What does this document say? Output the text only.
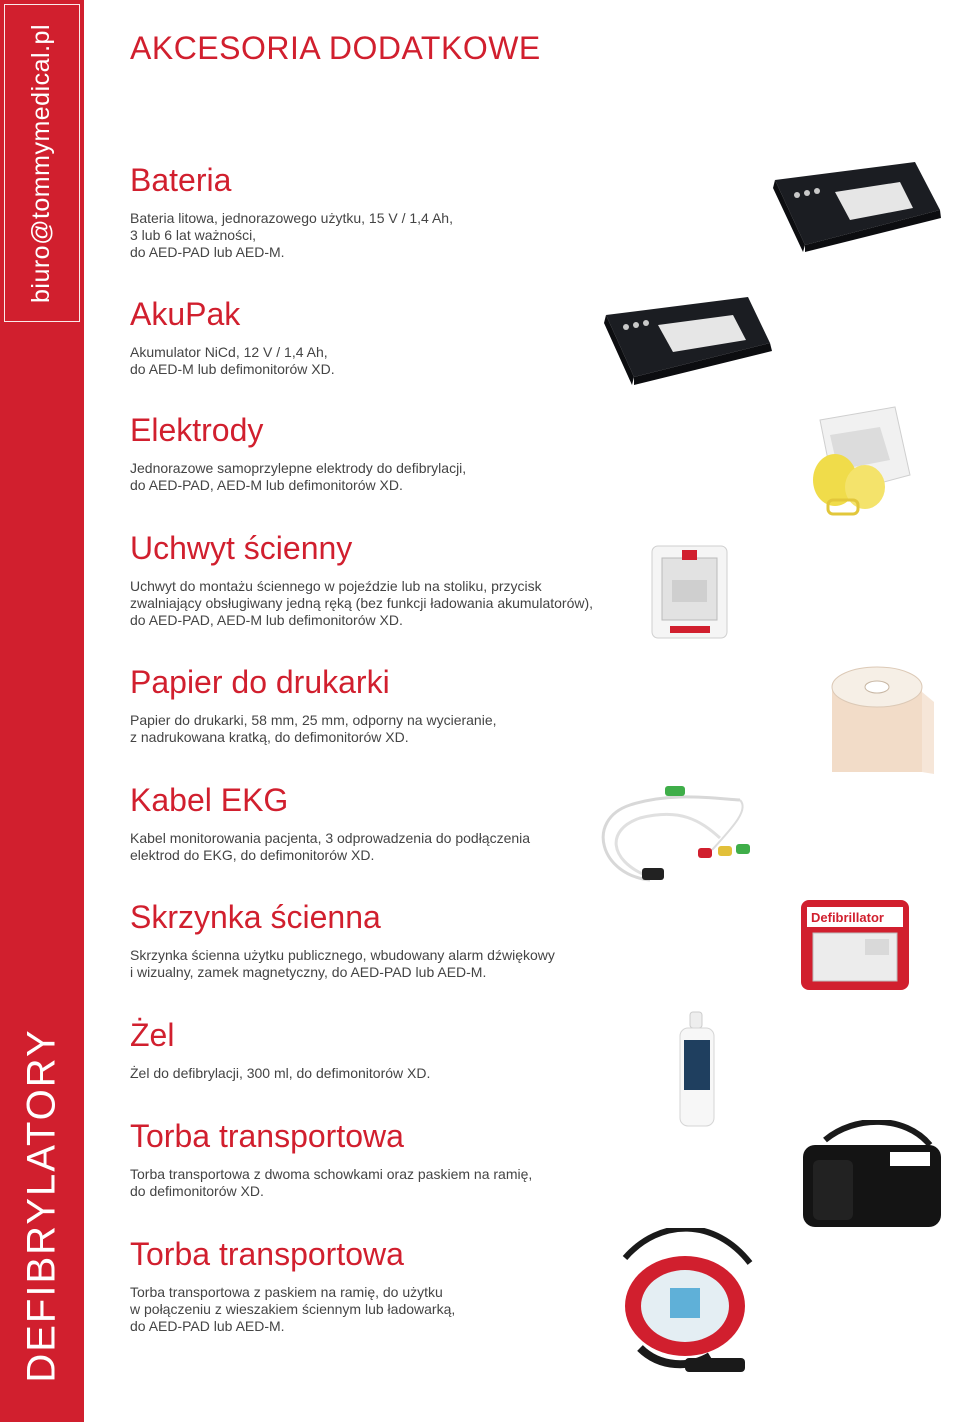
biuro@tommymedical.pl
DEFIBRYLATORY
AKCESORIA DODATKOWE
Bateria

Bateria litowa, jednorazowego użytku, 15 V / 1,4 Ah,
3 lub 6 lat ważności,
do AED-PAD lub AED-M.

AkuPak

Akumulator NiCd, 12 V / 1,4 Ah,
do AED-M lub defimonitorów XD.

Elektrody

Jednorazowe samoprzylepne elektrody do defibrylacji,
do AED-PAD, AED-M lub defimonitorów XD.

Uchwyt ścienny

Uchwyt do montażu ściennego w pojeździe lub na stoliku, przycisk
zwalniający obsługiwany jedną ręką (bez funkcji ładowania akumulatorów),
do AED-PAD, AED-M lub defimonitorów XD.

Papier do drukarki

Papier do drukarki, 58 mm, 25 mm, odporny na wycieranie,
z nadrukowana kratką, do defimonitorów XD.

Kabel EKG

Kabel monitorowania pacjenta, 3 odprowadzenia do podłączenia
elektrod do EKG, do defimonitorów XD.

Skrzynka ścienna

Skrzynka ścienna użytku publicznego, wbudowany alarm dźwiękowy
i wizualny, zamek magnetyczny, do AED-PAD lub AED-M.

Żel

Żel do defibrylacji, 300 ml, do defimonitorów XD.

Torba transportowa

Torba transportowa z dwoma schowkami oraz paskiem na ramię,
do defimonitorów XD.

Torba transportowa

Torba transportowa z paskiem na ramię, do użytku
w połączeniu z wieszakiem ściennym lub ładowarką,
do AED-PAD lub AED-M.

Defibrillator
